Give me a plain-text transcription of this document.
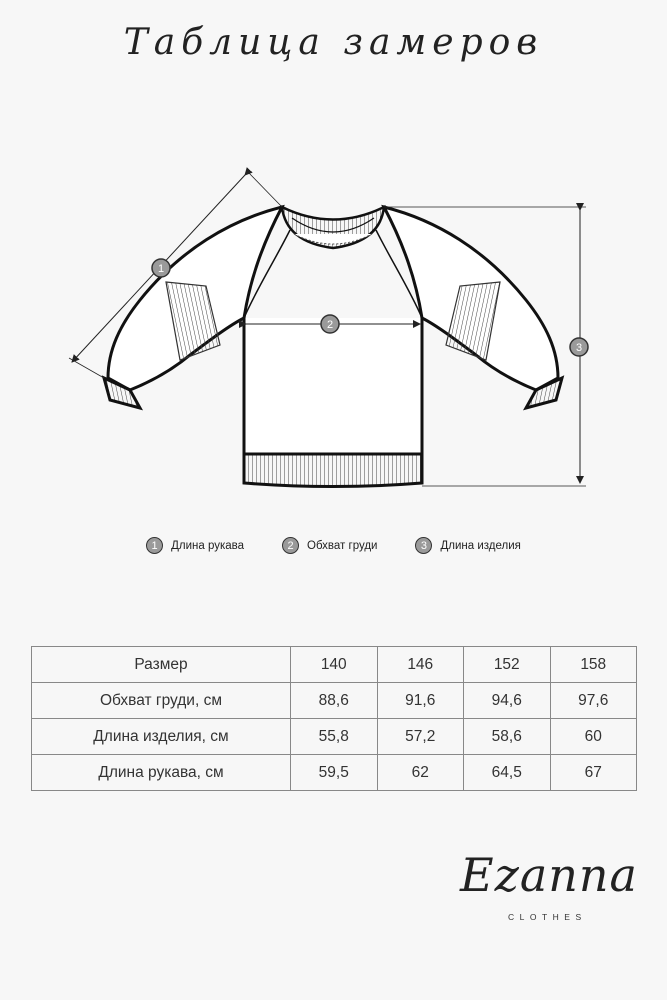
Таблица замеров
1
2
3
1	Длина рукава	2	Обхват груди	3	Длина изделия
Размер	140	146	152	158
Обхват груди, см	88,6	91,6	94,6	97,6
Длина изделия, см	55,8	57,2	58,6	60
Длина рукава, см	59,5	62	64,5	67
Ezanna
CLOTHES
